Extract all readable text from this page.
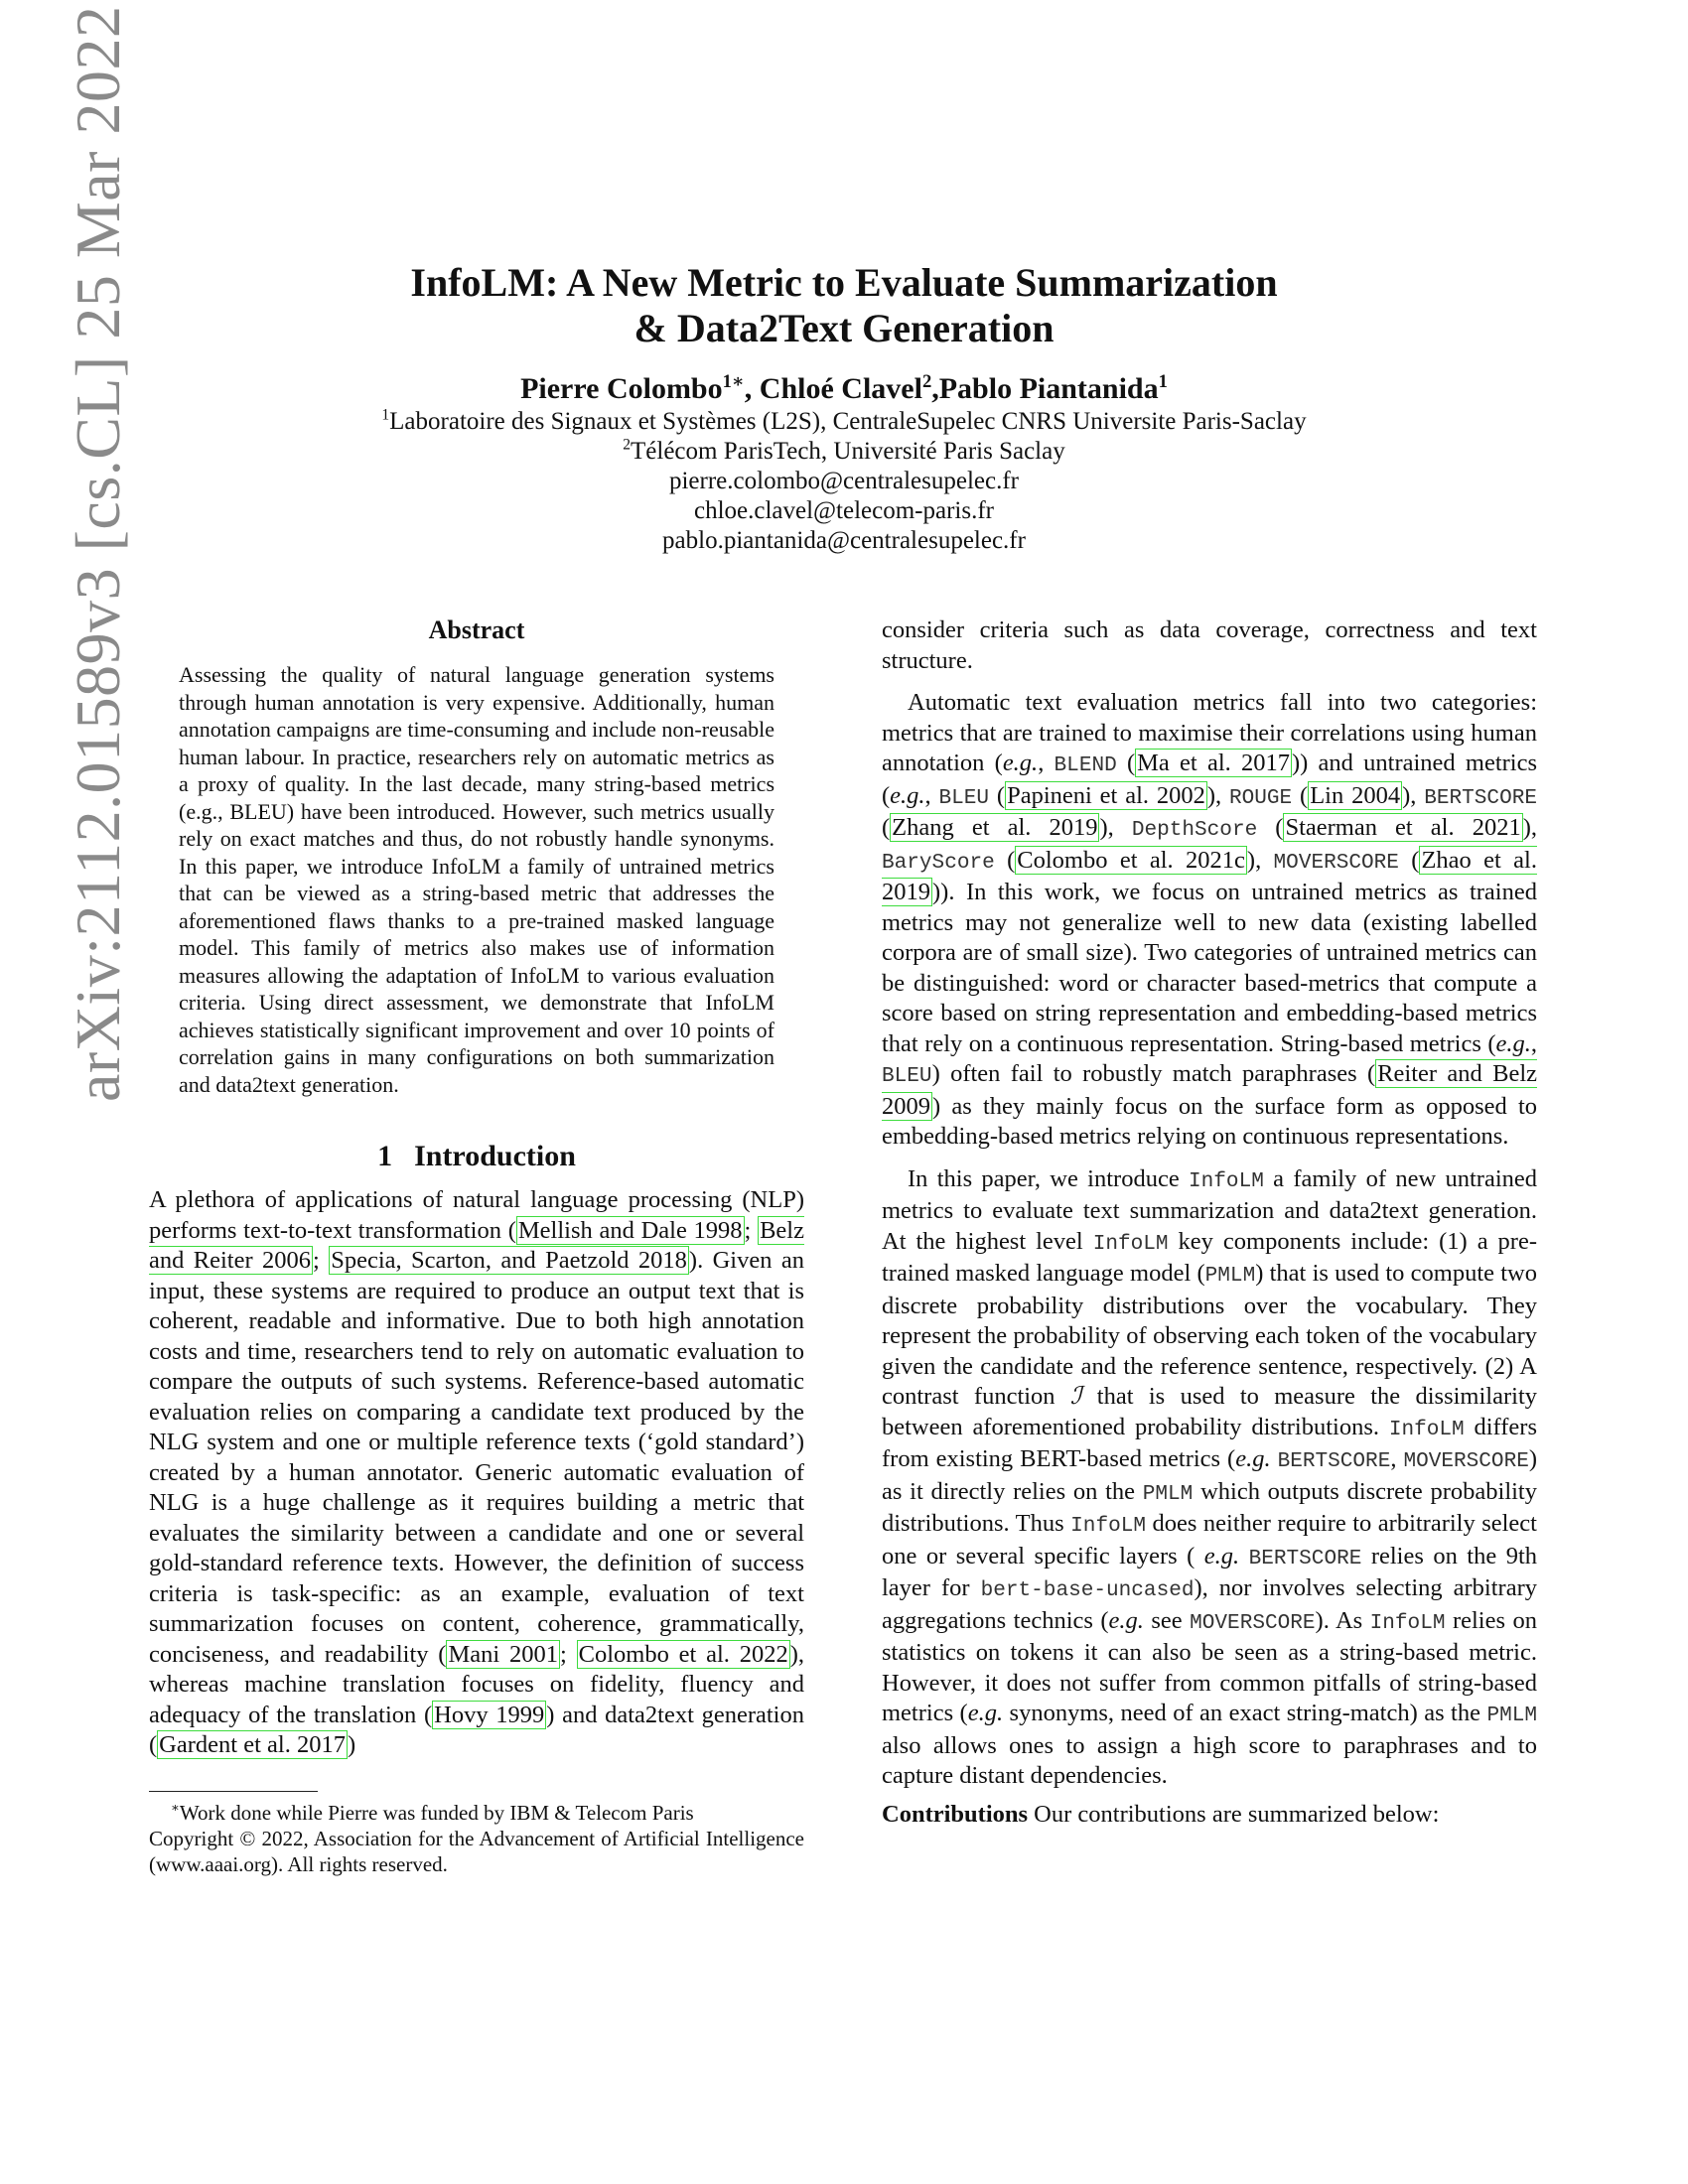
arXiv:2112.01589v3 [cs.CL] 25 Mar 2022	InfoLM: A New Metric to Evaluate Summarization
& Data2Text Generation
Pierre Colombo$^{1∗}$, Chloé Clavel$^2$,Pablo Piantanida$^1$
$^1$Laboratoire des Signaux et Systèmes (L2S), CentraleSupelec CNRS Universite Paris-Saclay
$^2$Télécom ParisTech, Université Paris Saclay
pierre.colombo@centralesupelec.fr
chloe.clavel@telecom-paris.fr
pablo.piantanida@centralesupelec.fr
Abstract

Assessing the quality of natural language generation systems through human annotation is very expensive. Additionally, human annotation campaigns are time-consuming and include non-reusable human labour. In practice, researchers rely on automatic metrics as a proxy of quality. In the last decade, many string-based metrics (e.g., BLEU) have been introduced. However, such metrics usually rely on exact matches and thus, do not robustly handle synonyms. In this paper, we introduce InfoLM a family of untrained metrics that can be viewed as a string-based metric that addresses the aforementioned flaws thanks to a pre-trained masked language model. This family of metrics also makes use of information measures allowing the adaptation of InfoLM to various evaluation criteria. Using direct assessment, we demonstrate that InfoLM achieves statistically significant improvement and over 10 points of correlation gains in many configurations on both summarization and data2text generation.

1 Introduction

A plethora of applications of natural language processing (NLP) performs text-to-text transformation (Mellish and Dale 1998; Belz and Reiter 2006; Specia, Scarton, and Paetzold 2018). Given an input, these systems are required to produce an output text that is coherent, readable and informative. Due to both high annotation costs and time, researchers tend to rely on automatic evaluation to compare the outputs of such systems. Reference-based automatic evaluation relies on comparing a candidate text produced by the NLG system and one or multiple reference texts (‘gold standard’) created by a human annotator. Generic automatic evaluation of NLG is a huge challenge as it requires building a metric that evaluates the similarity between a candidate and one or several gold-standard reference texts. However, the definition of success criteria is task-specific: as an example, evaluation of text summarization focuses on content, coherence, grammatically, conciseness, and readability (Mani 2001; Colombo et al. 2022), whereas machine translation focuses on fidelity, fluency and adequacy of the translation (Hovy 1999) and data2text generation (Gardent et al. 2017)

∗Work done while Pierre was funded by IBM & Telecom Paris
Copyright © 2022, Association for the Advancement of Artificial Intelligence (www.aaai.org). All rights reserved.

consider criteria such as data coverage, correctness and text structure.

Automatic text evaluation metrics fall into two categories: metrics that are trained to maximise their correlations using human annotation (e.g., BLEND (Ma et al. 2017)) and untrained metrics (e.g., BLEU (Papineni et al. 2002), ROUGE (Lin 2004), BERTSCORE (Zhang et al. 2019), DepthScore (Staerman et al. 2021), BaryScore (Colombo et al. 2021c), MOVERSCORE (Zhao et al. 2019)). In this work, we focus on untrained metrics as trained metrics may not generalize well to new data (existing labelled corpora are of small size). Two categories of untrained metrics can be distinguished: word or character based-metrics that compute a score based on string representation and embedding-based metrics that rely on a continuous representation. String-based metrics (e.g., BLEU) often fail to robustly match paraphrases (Reiter and Belz 2009) as they mainly focus on the surface form as opposed to embedding-based metrics relying on continuous representations.

In this paper, we introduce InfoLM a family of new untrained metrics to evaluate text summarization and data2text generation. At the highest level InfoLM key components include: (1) a pre-trained masked language model (PMLM) that is used to compute two discrete probability distributions over the vocabulary. They represent the probability of observing each token of the vocabulary given the candidate and the reference sentence, respectively. (2) A contrast function ℐ that is used to measure the dissimilarity between aforementioned probability distributions. InfoLM differs from existing BERT-based metrics (e.g. BERTSCORE, MOVERSCORE) as it directly relies on the PMLM which outputs discrete probability distributions. Thus InfoLM does neither require to arbitrarily select one or several specific layers ( e.g. BERTSCORE relies on the 9th layer for bert-base-uncased), nor involves selecting arbitrary aggregations technics (e.g. see MOVERSCORE). As InfoLM relies on statistics on tokens it can also be seen as a string-based metric. However, it does not suffer from common pitfalls of string-based metrics (e.g. synonyms, need of an exact string-match) as the PMLM also allows ones to assign a high score to paraphrases and to capture distant dependencies.

Contributions Our contributions are summarized below:
